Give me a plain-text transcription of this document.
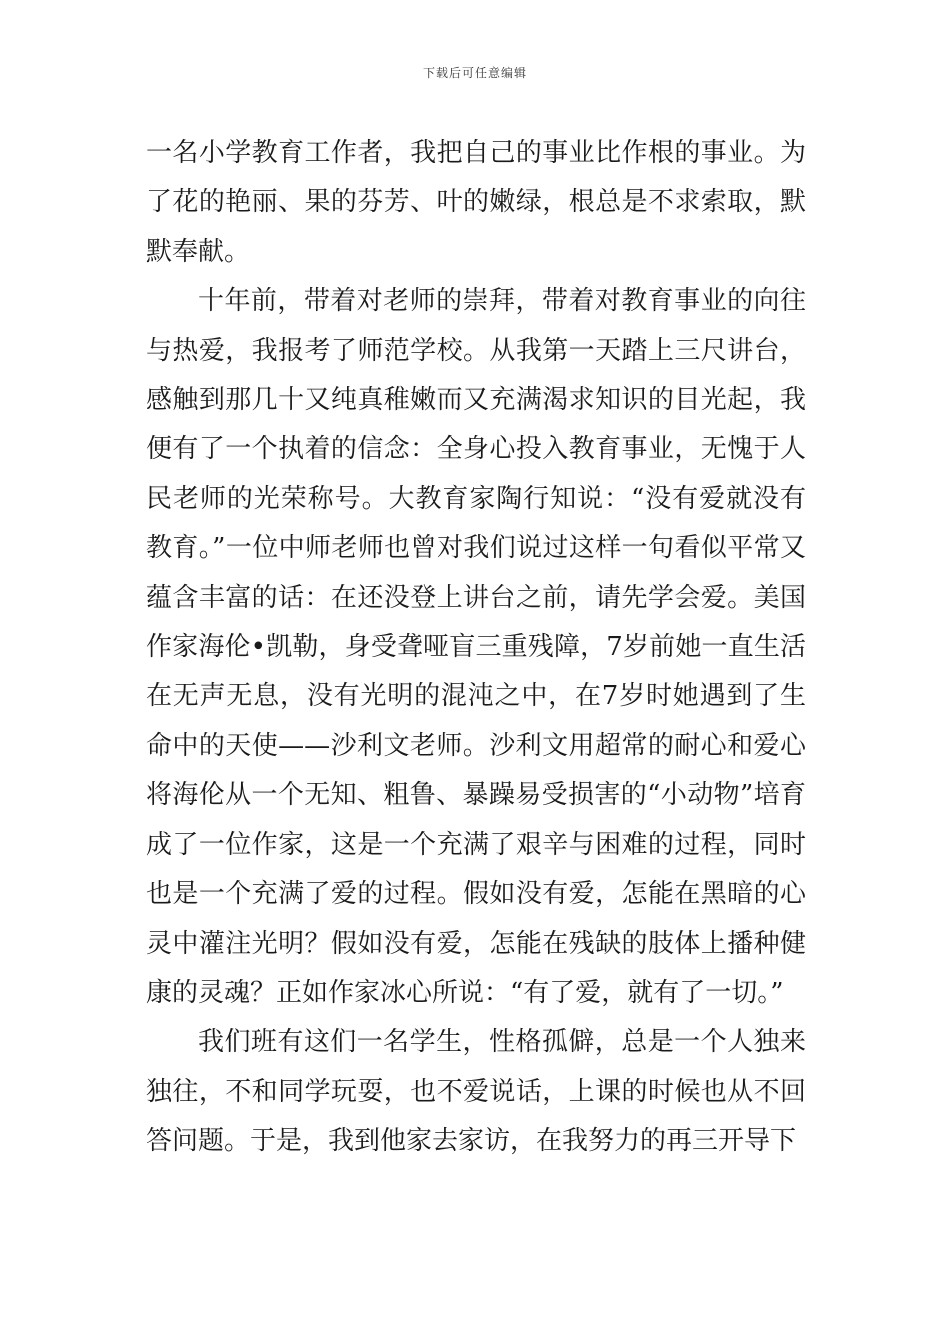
下载后可任意编辑

一名小学教育工作者，我把自己的事业比作根的事业。为了花的艳丽、果的芬芳、叶的嫩绿，根总是不求索取，默默奉献。

十年前，带着对老师的崇拜，带着对教育事业的向往与热爱，我报考了师范学校。从我第一天踏上三尺讲台，感触到那几十又纯真稚嫩而又充满渴求知识的目光起，我便有了一个执着的信念：全身心投入教育事业，无愧于人民老师的光荣称号。大教育家陶行知说：“没有爱就没有教育。”一位中师老师也曾对我们说过这样一句看似平常又蕴含丰富的话：在还没登上讲台之前，请先学会爱。美国作家海伦•凯勒，身受聋哑盲三重残障，7岁前她一直生活在无声无息，没有光明的混沌之中，在7岁时她遇到了生命中的天使——沙利文老师。沙利文用超常的耐心和爱心将海伦从一个无知、粗鲁、暴躁易受损害的“小动物”培育成了一位作家，这是一个充满了艰辛与困难的过程，同时也是一个充满了爱的过程。假如没有爱，怎能在黑暗的心灵中灌注光明？假如没有爱，怎能在残缺的肢体上播种健康的灵魂？正如作家冰心所说：“有了爱，就有了一切。”

我们班有这们一名学生，性格孤僻，总是一个人独来独往，不和同学玩耍，也不爱说话，上课的时候也从不回答问题。于是，我到他家去家访，在我努力的再三开导下
